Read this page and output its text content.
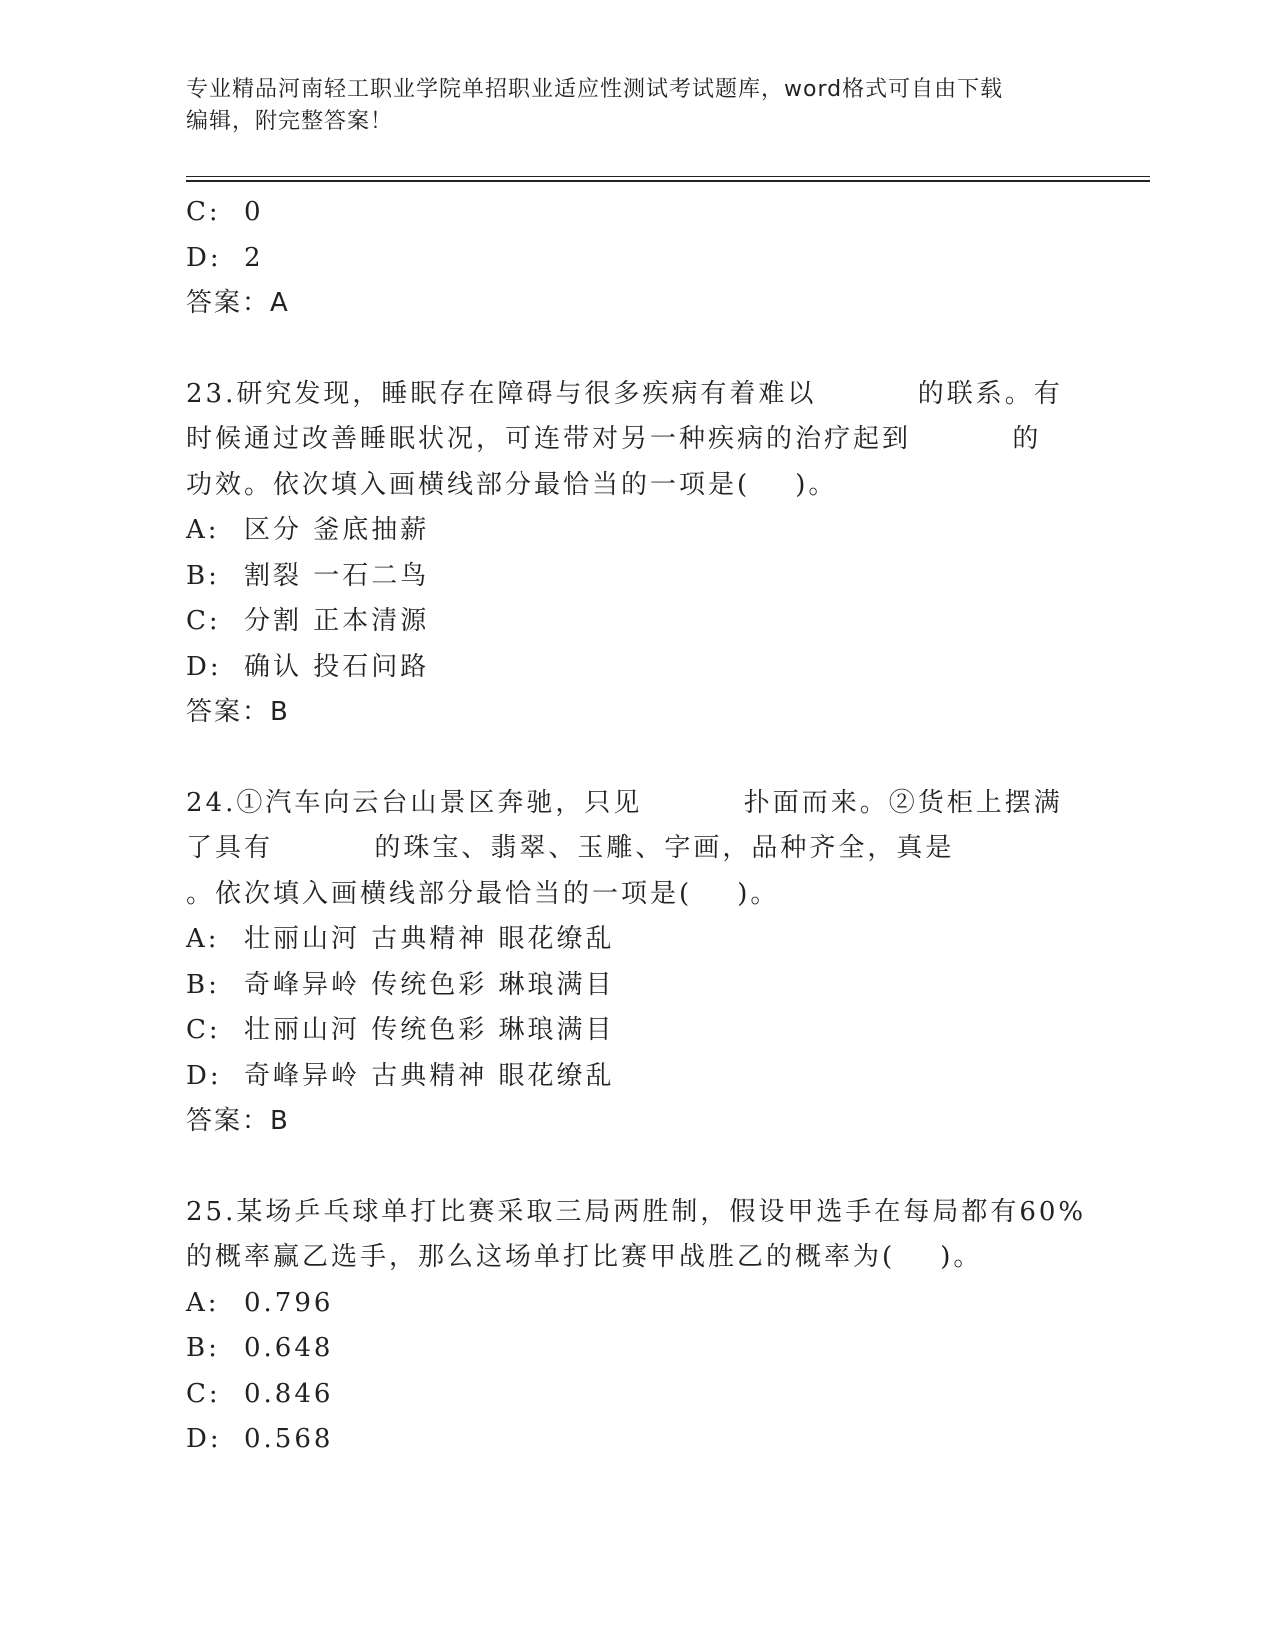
专业精品河南轻工职业学院单招职业适应性测试考试题库，word格式可自由下载
编辑，附完整答案！
C: 0
D: 2
答案：A
23.研究发现，睡眠存在障碍与很多疾病有着难以         的联系。有
时候通过改善睡眠状况，可连带对另一种疾病的治疗起到         的
功效。依次填入画横线部分最恰当的一项是(    )。
A: 区分 釜底抽薪
B: 割裂 一石二鸟
C: 分割 正本清源
D: 确认 投石问路
答案：B
24.①汽车向云台山景区奔驰，只见         扑面而来。②货柜上摆满
了具有         的珠宝、翡翠、玉雕、字画，品种齐全，真是
。依次填入画横线部分最恰当的一项是(    )。
A: 壮丽山河 古典精神 眼花缭乱
B: 奇峰异岭 传统色彩 琳琅满目
C: 壮丽山河 传统色彩 琳琅满目
D: 奇峰异岭 古典精神 眼花缭乱
答案：B
25.某场乒乓球单打比赛采取三局两胜制，假设甲选手在每局都有60%
的概率赢乙选手，那么这场单打比赛甲战胜乙的概率为(    )。
A: 0.796
B: 0.648
C: 0.846
D: 0.568
